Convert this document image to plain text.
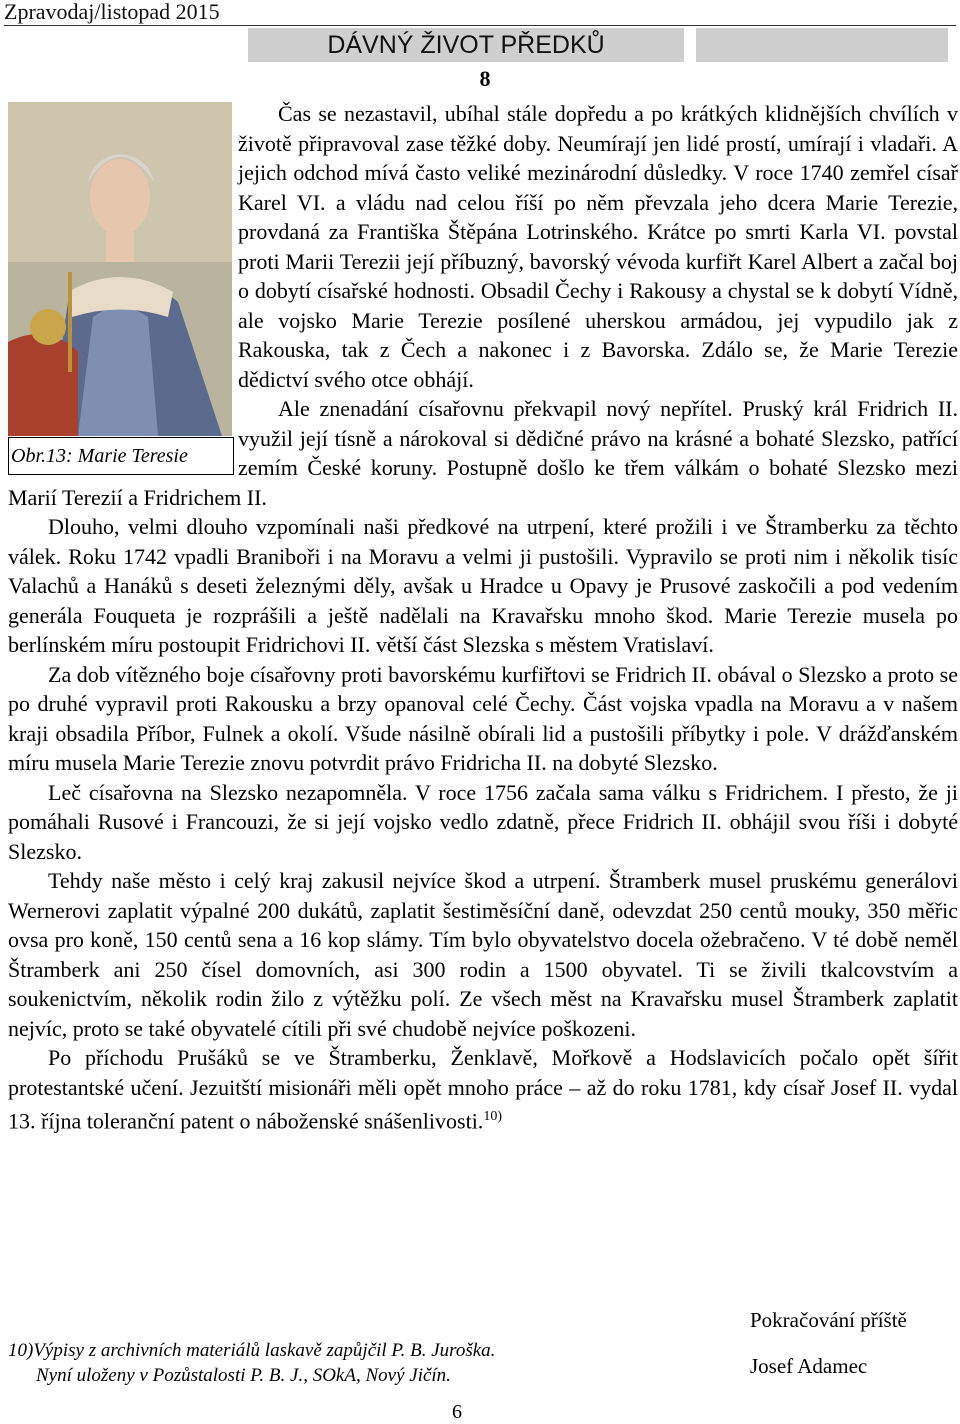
Zpravodaj/listopad 2015
DÁVNÝ ŽIVOT PŘEDKŮ
8
Obr.13: Marie Teresie

Čas se nezastavil, ubíhal stále dopředu a po krátkých klidnějších chvílích v životě připravoval zase těžké doby. Neumírají jen lidé prostí, umírají i vladaři. A jejich odchod mívá často veliké mezinárodní důsledky. V roce 1740 zemřel císař Karel VI. a vládu nad celou říší po něm převzala jeho dcera Marie Terezie, provdaná za Františka Štěpána Lotrinského. Krátce po smrti Karla VI. povstal proti Marii Terezii její příbuzný, bavorský vévoda kurfiřt Karel Albert a začal boj o dobytí císařské hodnosti. Obsadil Čechy i Rakousy a chystal se k dobytí Vídně, ale vojsko Marie Terezie posílené uherskou armádou, jej vypudilo jak z Rakouska, tak z Čech a nakonec i z Bavorska. Zdálo se, že Marie Terezie dědictví svého otce obhájí.

Ale znenadání císařovnu překvapil nový nepřítel. Pruský král Fridrich II. využil její tísně a nárokoval si dědičné právo na krásné a bohaté Slezsko, patřící zemím České koruny. Postupně došlo ke třem válkám o bohaté Slezsko mezi Marií Terezií a Fridrichem II.

Dlouho, velmi dlouho vzpomínali naši předkové na utrpení, které prožili i ve Štramberku za těchto válek. Roku 1742 vpadli Braniboři i na Moravu a velmi ji pustošili. Vypravilo se proti nim i několik tisíc Valachů a Hanáků s deseti železnými děly, avšak u Hradce u Opavy je Prusové zaskočili a pod vedením generála Fouqueta je rozprášili a ještě nadělali na Kravařsku mnoho škod. Marie Terezie musela po berlínském míru postoupit Fridrichovi II. větší část Slezska s městem Vratislaví.

Za dob vítězného boje císařovny proti bavorskému kurfiřtovi se Fridrich II. obával o Slezsko a proto se po druhé vypravil proti Rakousku a brzy opanoval celé Čechy. Část vojska vpadla na Moravu a v našem kraji obsadila Příbor, Fulnek a okolí. Všude násilně obírali lid a pustošili příbytky i pole. V drážďanském míru musela Marie Terezie znovu potvrdit právo Fridricha II. na dobyté Slezsko.

Leč císařovna na Slezsko nezapomněla. V roce 1756 začala sama válku s Fridrichem. I přesto, že ji pomáhali Rusové i Francouzi, že si její vojsko vedlo zdatně, přece Fridrich II. obhájil svou říši i dobyté Slezsko.

Tehdy naše město i celý kraj zakusil nejvíce škod a utrpení. Štramberk musel pruskému generálovi Wernerovi zaplatit výpalné 200 dukátů, zaplatit šestiměsíční daně, odevzdat 250 centů mouky, 350 měřic ovsa pro koně, 150 centů sena a 16 kop slámy. Tím bylo obyvatelstvo docela ožebračeno. V té době neměl Štramberk ani 250 čísel domovních, asi 300 rodin a 1500 obyvatel. Ti se živili tkalcovstvím a soukenictvím, několik rodin žilo z výtěžku polí. Ze všech měst na Kravařsku musel Štramberk zaplatit nejvíc, proto se také obyvatelé cítili při své chudobě nejvíce poškozeni.

Po příchodu Prušáků se ve Štramberku, Ženklavě, Mořkově a Hodslavicích počalo opět šířit protestantské učení. Jezuitští misionáři měli opět mnoho práce – až do roku 1781, kdy císař Josef II. vydal 13. října toleranční patent o náboženské snášenlivosti.$^{10)}$

Pokračování příště
Josef Adamec
10)Výpisy z archivních materiálů laskavě zapůjčil P. B. Juroška.
Nyní uloženy v Pozůstalosti P. B. J., SOkA, Nový Jičín.
6
